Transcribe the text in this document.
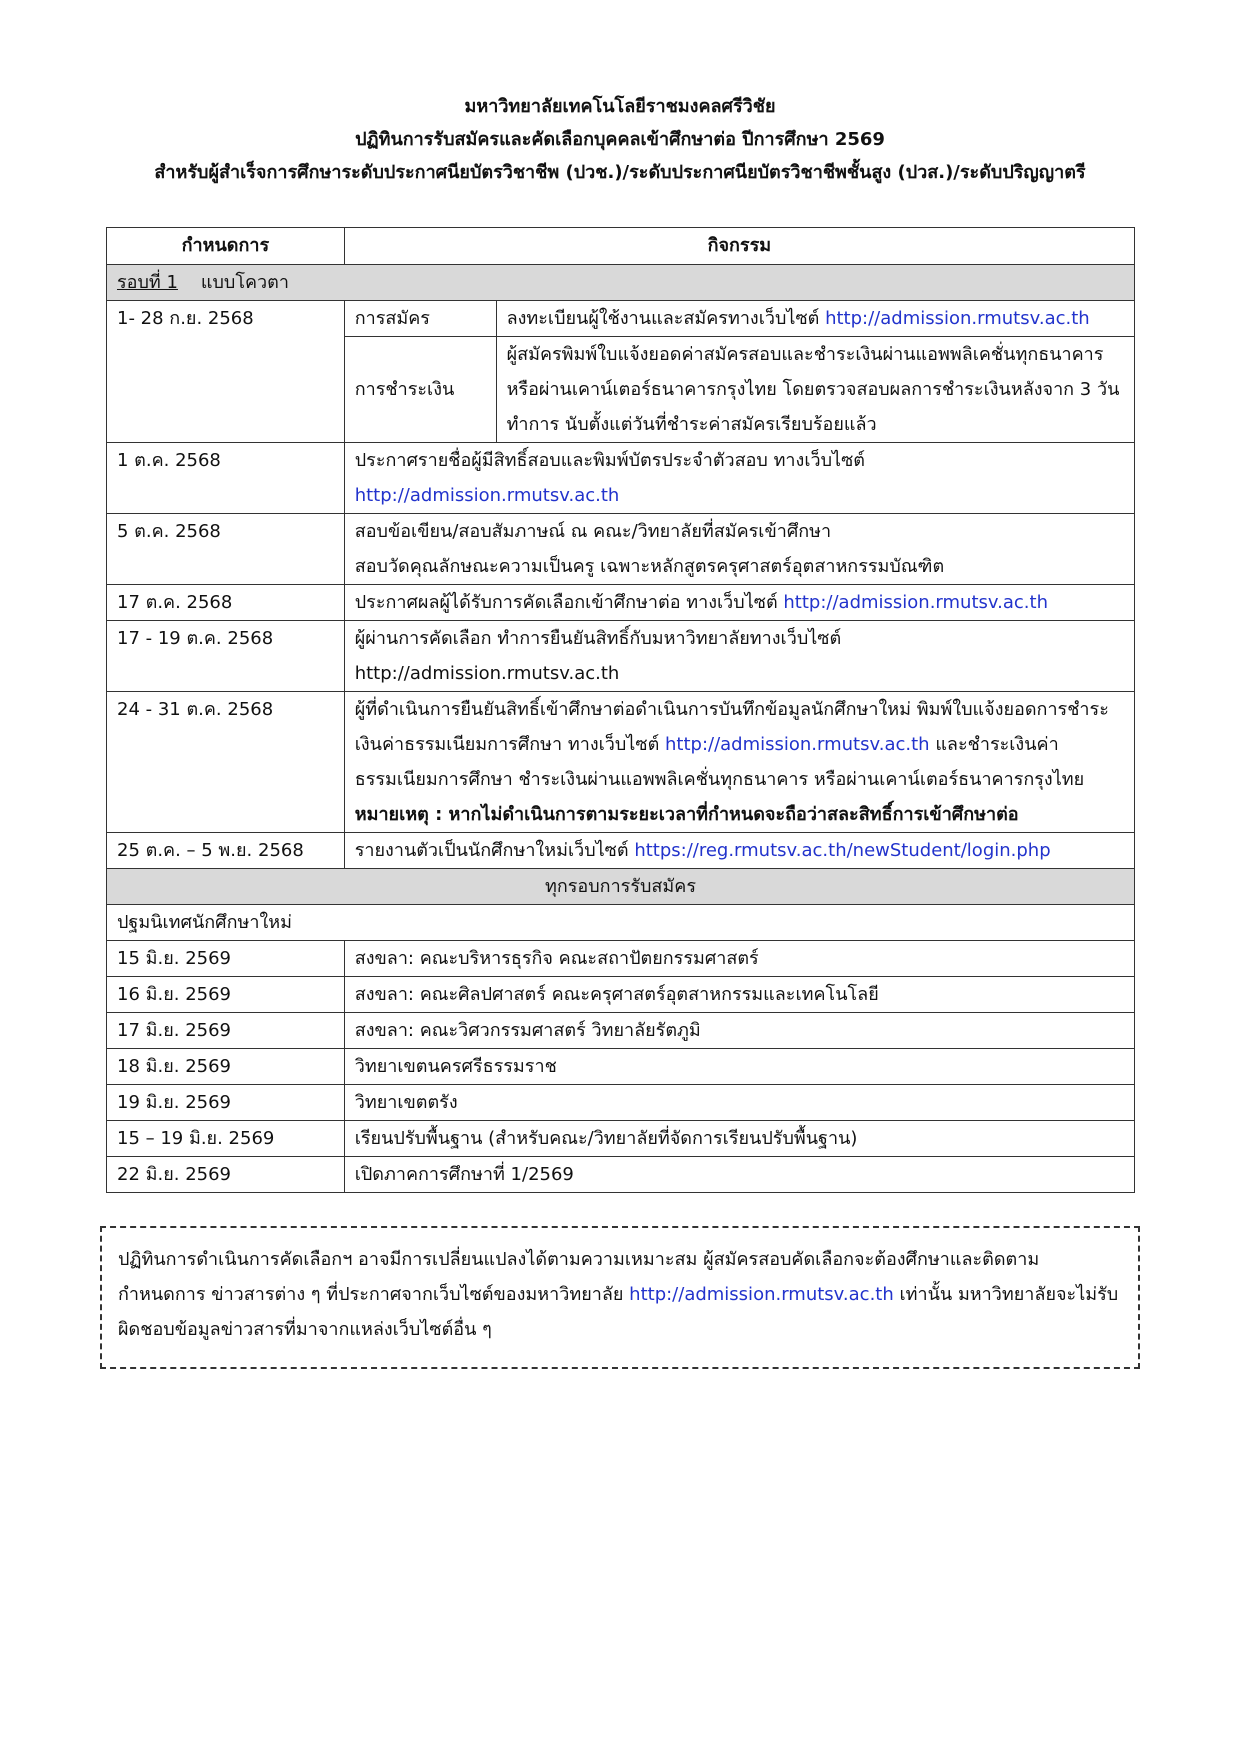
มหาวิทยาลัยเทคโนโลยีราชมงคลศรีวิชัย
ปฏิทินการรับสมัครและคัดเลือกบุคคลเข้าศึกษาต่อ ปีการศึกษา 2569
สำหรับผู้สำเร็จการศึกษาระดับประกาศนียบัตรวิชาชีพ (ปวช.)/ระดับประกาศนียบัตรวิชาชีพชั้นสูง (ปวส.)/ระดับปริญญาตรี
กำหนดการ	กิจกรรม	
รอบที่ 1 แบบโควตา		
1- 28 ก.ย. 2568	การสมัคร	ลงทะเบียนผู้ใช้งานและสมัครทางเว็บไซต์ http://admission.rmutsv.ac.th
	การชำระเงิน	ผู้สมัครพิมพ์ใบแจ้งยอดค่าสมัครสอบและชำระเงินผ่านแอพพลิเคชั่นทุกธนาคาร หรือผ่านเคาน์เตอร์ธนาคารกรุงไทย โดยตรวจสอบผลการชำระเงินหลังจาก 3 วันทำการ นับตั้งแต่วันที่ชำระค่าสมัครเรียบร้อยแล้ว
1 ต.ค. 2568	ประกาศรายชื่อผู้มีสิทธิ์สอบและพิมพ์บัตรประจำตัวสอบ ทางเว็บไซต์
http://admission.rmutsv.ac.th	
5 ต.ค. 2568	สอบข้อเขียน/สอบสัมภาษณ์ ณ คณะ/วิทยาลัยที่สมัครเข้าศึกษา
สอบวัดคุณลักษณะความเป็นครู เฉพาะหลักสูตรครุศาสตร์อุตสาหกรรมบัณฑิต	
17 ต.ค. 2568	ประกาศผลผู้ได้รับการคัดเลือกเข้าศึกษาต่อ ทางเว็บไซต์ http://admission.rmutsv.ac.th	
17 - 19 ต.ค. 2568	ผู้ผ่านการคัดเลือก ทำการยืนยันสิทธิ์กับมหาวิทยาลัยทางเว็บไซต์
http://admission.rmutsv.ac.th	
24 - 31 ต.ค. 2568	ผู้ที่ดำเนินการยืนยันสิทธิ์เข้าศึกษาต่อดำเนินการบันทึกข้อมูลนักศึกษาใหม่ พิมพ์ใบแจ้งยอดการชำระเงินค่าธรรมเนียมการศึกษา ทางเว็บไซต์ http://admission.rmutsv.ac.th และชำระเงินค่าธรรมเนียมการศึกษา ชำระเงินผ่านแอพพลิเคชั่นทุกธนาคาร หรือผ่านเคาน์เตอร์ธนาคารกรุงไทย
หมายเหตุ : หากไม่ดำเนินการตามระยะเวลาที่กำหนดจะถือว่าสละสิทธิ์การเข้าศึกษาต่อ	
25 ต.ค. – 5 พ.ย. 2568	รายงานตัวเป็นนักศึกษาใหม่เว็บไซต์ https://reg.rmutsv.ac.th/newStudent/login.php	
ทุกรอบการรับสมัคร		
ปฐมนิเทศนักศึกษาใหม่		
15 มิ.ย. 2569	สงขลา: คณะบริหารธุรกิจ คณะสถาปัตยกรรมศาสตร์	
16 มิ.ย. 2569	สงขลา: คณะศิลปศาสตร์ คณะครุศาสตร์อุตสาหกรรมและเทคโนโลยี	
17 มิ.ย. 2569	สงขลา: คณะวิศวกรรมศาสตร์ วิทยาลัยรัตภูมิ	
18 มิ.ย. 2569	วิทยาเขตนครศรีธรรมราช	
19 มิ.ย. 2569	วิทยาเขตตรัง	
15 – 19 มิ.ย. 2569	เรียนปรับพื้นฐาน (สำหรับคณะ/วิทยาลัยที่จัดการเรียนปรับพื้นฐาน)	
22 มิ.ย. 2569	เปิดภาคการศึกษาที่ 1/2569	
ปฏิทินการดำเนินการคัดเลือกฯ อาจมีการเปลี่ยนแปลงได้ตามความเหมาะสม ผู้สมัครสอบคัดเลือกจะต้องศึกษาและติดตามกำหนดการ ข่าวสารต่าง ๆ ที่ประกาศจากเว็บไซต์ของมหาวิทยาลัย http://admission.rmutsv.ac.th เท่านั้น มหาวิทยาลัยจะไม่รับผิดชอบข้อมูลข่าวสารที่มาจากแหล่งเว็บไซต์อื่น ๆ
